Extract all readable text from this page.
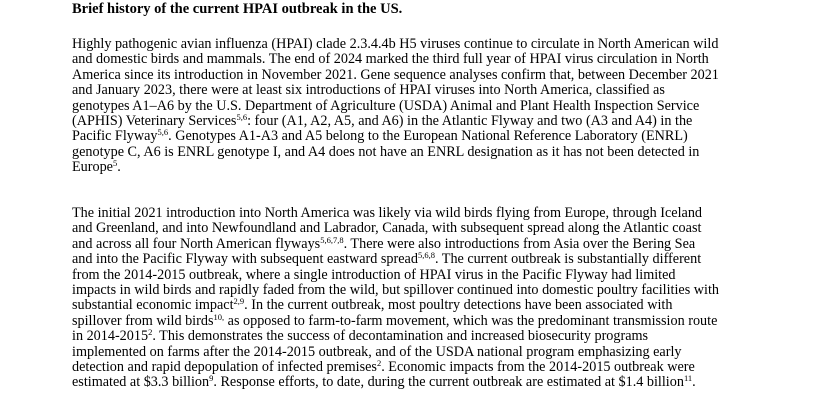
Brief history of the current HPAI outbreak in the US.
Highly pathogenic avian influenza (HPAI) clade 2.3.4.4b H5 viruses continue to circulate in North American wild
and domestic birds and mammals. The end of 2024 marked the third full year of HPAI virus circulation in North
America since its introduction in November 2021. Gene sequence analyses confirm that, between December 2021
and January 2023, there were at least six introductions of HPAI viruses into North America, classified as
genotypes A1–A6 by the U.S. Department of Agriculture (USDA) Animal and Plant Health Inspection Service
(APHIS) Veterinary Services$^{5,6}$: four (A1, A2, A5, and A6) in the Atlantic Flyway and two (A3 and A4) in the
Pacific Flyway$^{5,6}$. Genotypes A1-A3 and A5 belong to the European National Reference Laboratory (ENRL)
genotype C, A6 is ENRL genotype I, and A4 does not have an ENRL designation as it has not been detected in
Europe$^5$.
The initial 2021 introduction into North America was likely via wild birds flying from Europe, through Iceland
and Greenland, and into Newfoundland and Labrador, Canada, with subsequent spread along the Atlantic coast
and across all four North American flyways$^{5,6,7,8}$. There were also introductions from Asia over the Bering Sea
and into the Pacific Flyway with subsequent eastward spread$^{5,6,8}$. The current outbreak is substantially different
from the 2014-2015 outbreak, where a single introduction of HPAI virus in the Pacific Flyway had limited
impacts in wild birds and rapidly faded from the wild, but spillover continued into domestic poultry facilities with
substantial economic impact$^{2,9}$. In the current outbreak, most poultry detections have been associated with
spillover from wild birds$^{10,}$ as opposed to farm-to-farm movement, which was the predominant transmission route
in 2014-2015$^2$. This demonstrates the success of decontamination and increased biosecurity programs
implemented on farms after the 2014-2015 outbreak, and of the USDA national program emphasizing early
detection and rapid depopulation of infected premises$^2$. Economic impacts from the 2014-2015 outbreak were
estimated at $3.3 billion$^9$. Response efforts, to date, during the current outbreak are estimated at $1.4 billion$^{11}$.
